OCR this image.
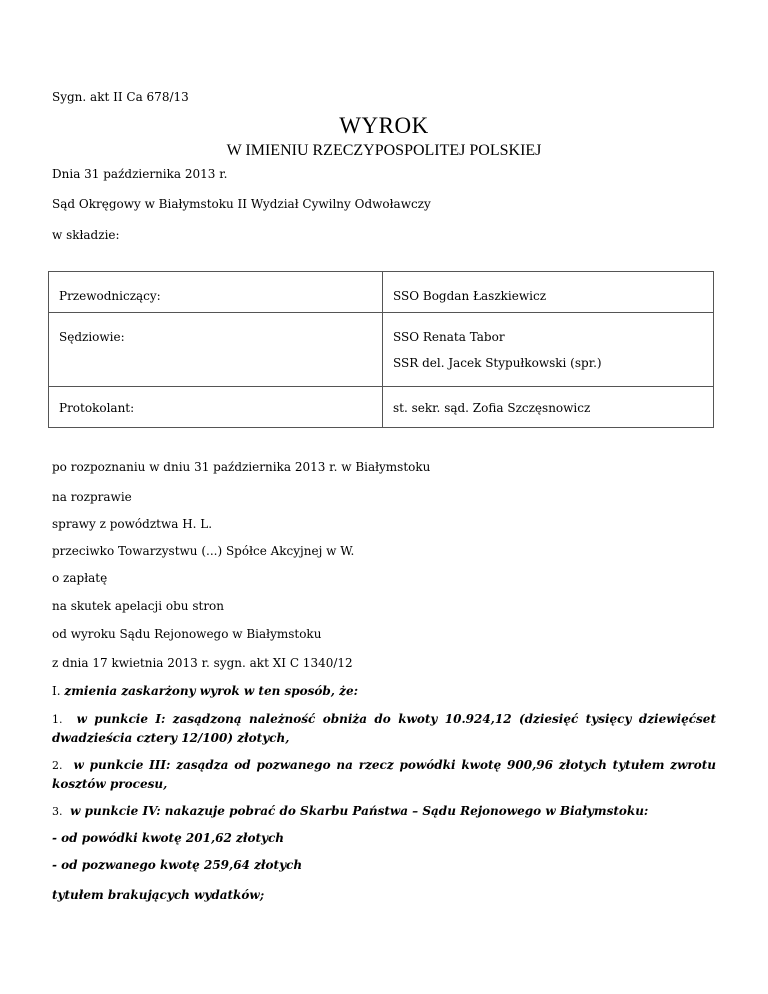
Sygn. akt II Ca 678/13
WYROK
W IMIENIU RZECZYPOSPOLITEJ POLSKIEJ
Dnia 31 października 2013 r.
Sąd Okręgowy w Białymstoku II Wydział Cywilny Odwoławczy
w składzie:
Przewodniczący:	SSO Bogdan Łaszkiewicz

Sędziowie:	SSO Renata Tabor
SSR del. Jacek Stypułkowski (spr.)

Protokolant:	st. sekr. sąd. Zofia Szczęsnowicz
po rozpoznaniu w dniu 31 października 2013 r. w Białymstoku
na rozprawie
sprawy z powództwa H. L.
przeciwko Towarzystwu (...) Spółce Akcyjnej w W.
o zapłatę
na skutek apelacji obu stron
od wyroku Sądu Rejonowego w Białymstoku
z dnia 17 kwietnia 2013 r. sygn. akt XI C 1340/12
I. zmienia zaskarżony wyrok w ten sposób, że:
1. w punkcie I: zasądzoną należność obniża do kwoty 10.924,12 (dziesięć tysięcy dziewięćset dwadzieścia cztery 12/100) złotych,
2. w punkcie III: zasądza od pozwanego na rzecz powódki kwotę 900,96 złotych tytułem zwrotu kosztów procesu,
3. w punkcie IV: nakazuje pobrać do Skarbu Państwa – Sądu Rejonowego w Białymstoku:
- od powódki kwotę 201,62 złotych
- od pozwanego kwotę 259,64 złotych
tytułem brakujących wydatków;
